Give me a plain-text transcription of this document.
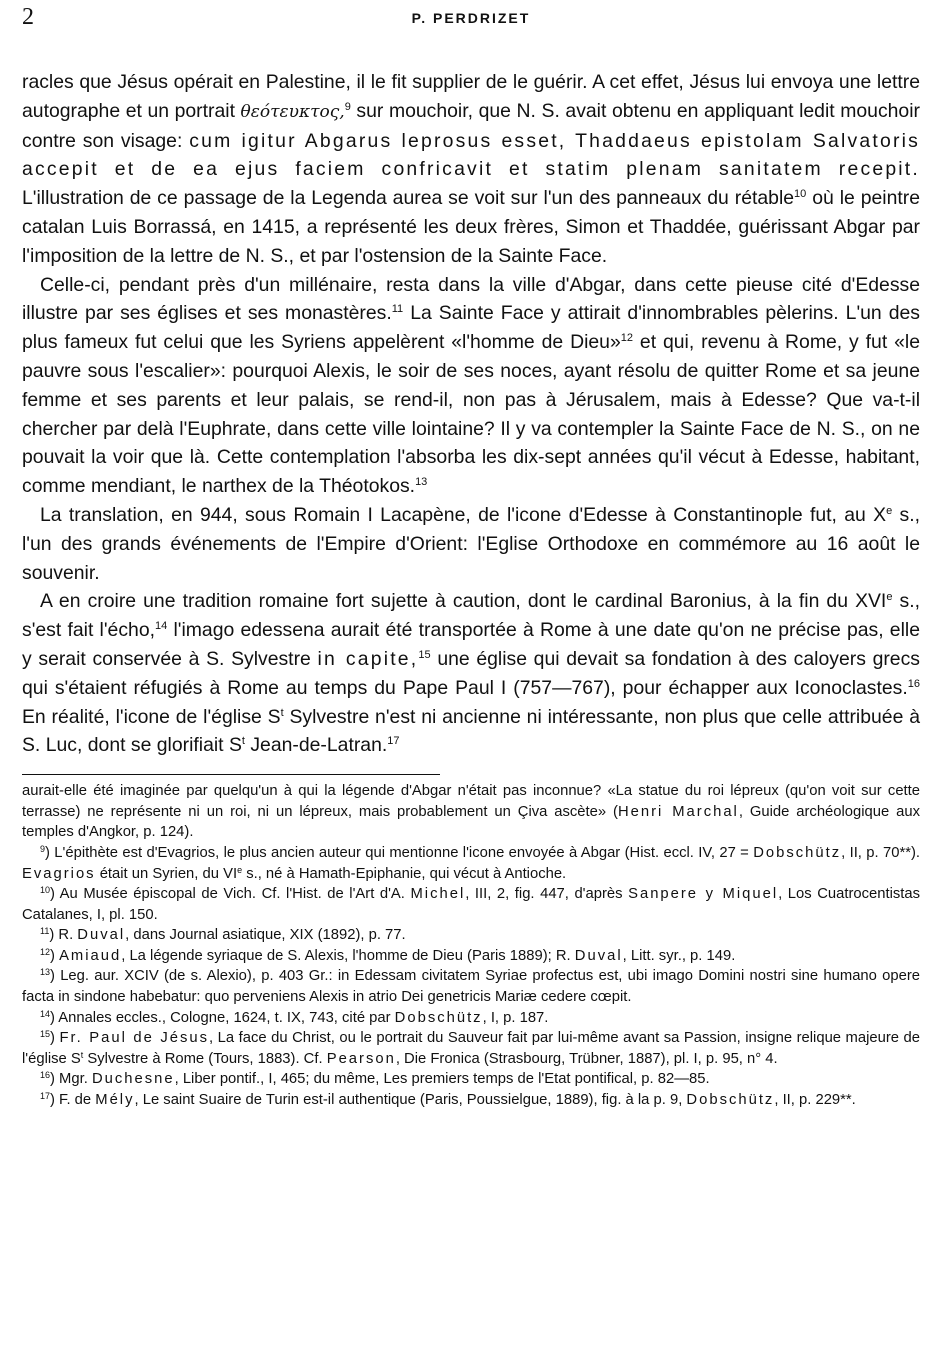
2	P. PERDRIZET

racles que Jésus opérait en Palestine, il le fit supplier de le guérir. A cet effet, Jésus lui envoya une lettre autographe et un portrait θεότευκτος,$^9$ sur mouchoir, que N. S. avait obtenu en appliquant ledit mouchoir contre son visage: cum igitur Abgarus leprosus esset, Thaddaeus epistolam Salvatoris accepit et de ea ejus faciem confricavit et statim plenam sanitatem recepit. L'illustration de ce passage de la Legenda aurea se voit sur l'un des panneaux du rétable$^{10}$ où le peintre catalan Luis Borrassá, en 1415, a représenté les deux frères, Simon et Thaddée, guérissant Abgar par l'imposition de la lettre de N. S., et par l'ostension de la Sainte Face.

Celle-ci, pendant près d'un millénaire, resta dans la ville d'Abgar, dans cette pieuse cité d'Edesse illustre par ses églises et ses monastères.$^{11}$ La Sainte Face y attirait d'innombrables pèlerins. L'un des plus fameux fut celui que les Syriens appelèrent «l'homme de Dieu»$^{12}$ et qui, revenu à Rome, y fut «le pauvre sous l'escalier»: pourquoi Alexis, le soir de ses noces, ayant résolu de quitter Rome et sa jeune femme et ses parents et leur palais, se rend-il, non pas à Jérusalem, mais à Edesse? Que va-t-il chercher par delà l'Euphrate, dans cette ville lointaine? Il y va contempler la Sainte Face de N. S., on ne pouvait la voir que là. Cette contemplation l'absorba les dix-sept années qu'il vécut à Edesse, habitant, comme mendiant, le narthex de la Théotokos.$^{13}$

La translation, en 944, sous Romain I Lacapène, de l'icone d'Edesse à Constantinople fut, au Xe s., l'un des grands événements de l'Empire d'Orient: l'Eglise Orthodoxe en commémore au 16 août le souvenir.

A en croire une tradition romaine fort sujette à caution, dont le cardinal Baronius, à la fin du XVIe s., s'est fait l'écho,$^{14}$ l'imago edessena aurait été transportée à Rome à une date qu'on ne précise pas, elle y serait conservée à S. Sylvestre in capite,$^{15}$ une église qui devait sa fondation à des caloyers grecs qui s'étaient réfugiés à Rome au temps du Pape Paul I (757—767), pour échapper aux Iconoclastes.$^{16}$ En réalité, l'icone de l'église $S^t$ Sylvestre n'est ni ancienne ni intéressante, non plus que celle attribuée à S. Luc, dont se glorifiait $S^t$ Jean-de-Latran.$^{17}$

aurait-elle été imaginée par quelqu'un à qui la légende d'Abgar n'était pas inconnue? «La statue du roi lépreux (qu'on voit sur cette terrasse) ne représente ni un roi, ni un lépreux, mais probablement un Çiva ascète» (Henri Marchal, Guide archéologique aux temples d'Angkor, p. 124).

$^9$) L'épithète est d'Evagrios, le plus ancien auteur qui mentionne l'icone envoyée à Abgar (Hist. eccl. IV, 27 = Dobschütz, II, p. 70**). Evagrios était un Syrien, du VIe s., né à Hamath-Epiphanie, qui vécut à Antioche.

$^{10}$) Au Musée épiscopal de Vich. Cf. l'Hist. de l'Art d'A. Michel, III, 2, fig. 447, d'après Sanpere y Miquel, Los Cuatrocentistas Catalanes, I, pl. 150.

$^{11}$) R. Duval, dans Journal asiatique, XIX (1892), p. 77.

$^{12}$) Amiaud, La légende syriaque de S. Alexis, l'homme de Dieu (Paris 1889); R. Duval, Litt. syr., p. 149.

$^{13}$) Leg. aur. XCIV (de s. Alexio), p. 403 Gr.: in Edessam civitatem Syriae profectus est, ubi imago Domini nostri sine humano opere facta in sindone habebatur: quo perveniens Alexis in atrio Dei genetricis Mariæ cedere cœpit.

$^{14}$) Annales eccles., Cologne, 1624, t. IX, 743, cité par Dobschütz, I, p. 187.

$^{15}$) Fr. Paul de Jésus, La face du Christ, ou le portrait du Sauveur fait par lui-même avant sa Passion, insigne relique majeure de l'église $S^t$ Sylvestre à Rome (Tours, 1883). Cf. Pearson, Die Fronica (Strasbourg, Trübner, 1887), pl. I, p. 95, n° 4.

$^{16}$) Mgr. Duchesne, Liber pontif., I, 465; du même, Les premiers temps de l'Etat pontifical, p. 82—85.

$^{17}$) F. de Mély, Le saint Suaire de Turin est-il authentique (Paris, Poussielgue, 1889), fig. à la p. 9, Dobschütz, II, p. 229**.
